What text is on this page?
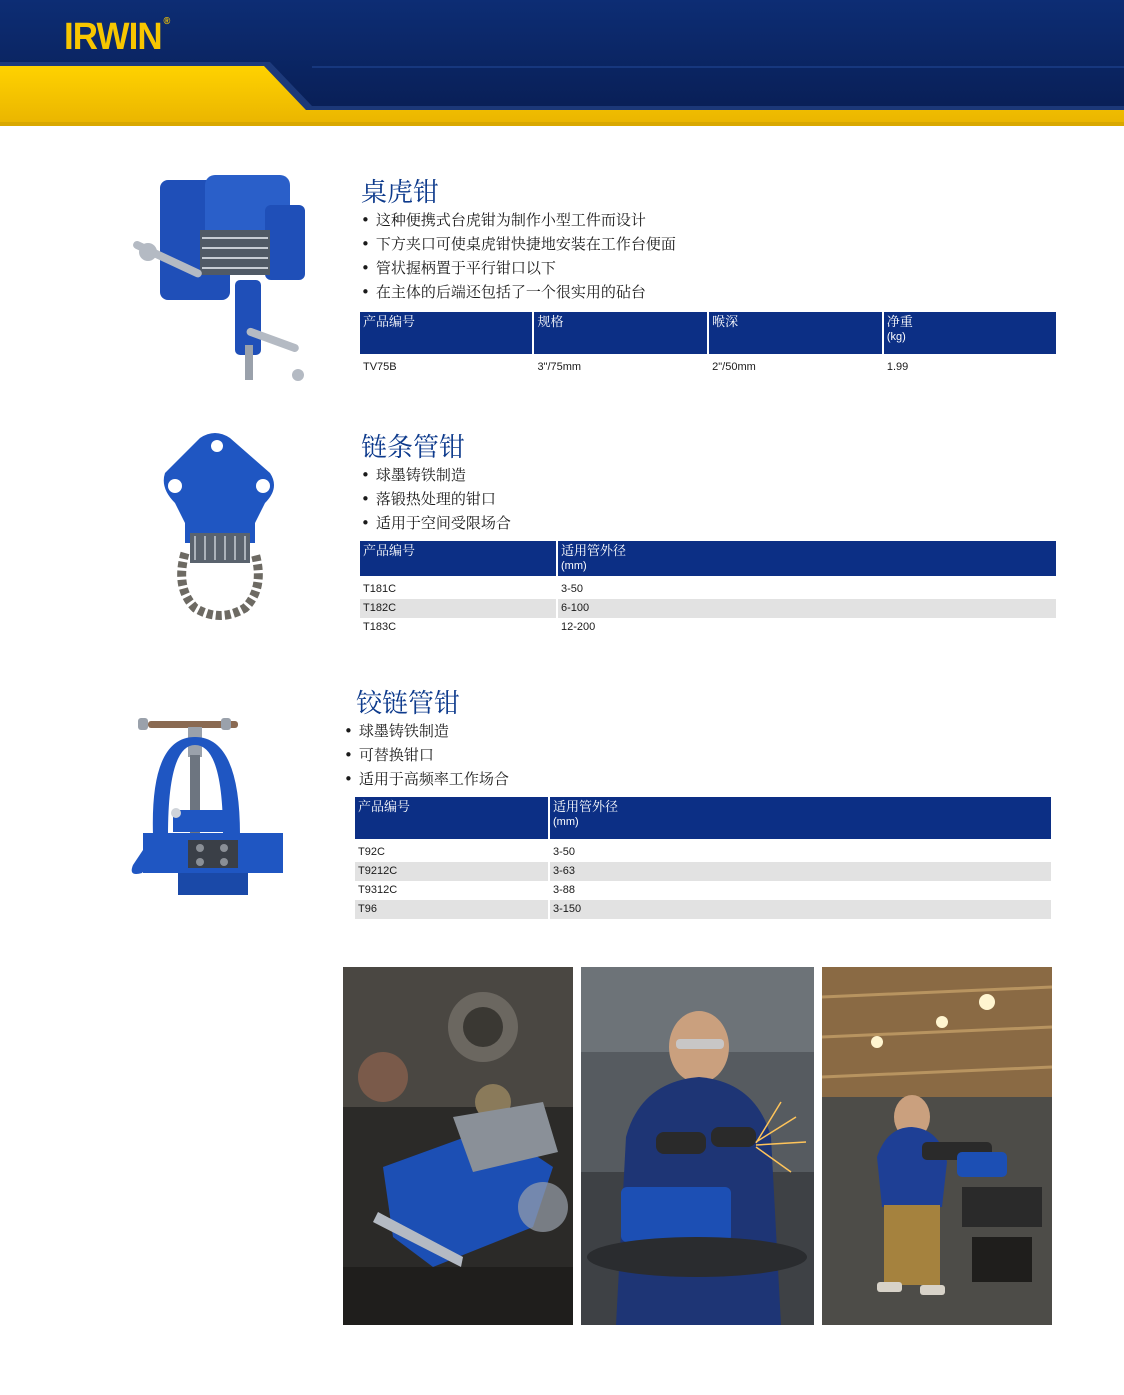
IRWIN ®
桌虎钳
• 这种便携式台虎钳为制作小型工件而设计
• 下方夹口可使桌虎钳快捷地安装在工作台便面
• 管状握柄置于平行钳口以下
• 在主体的后端还包括了一个很实用的砧台
产品编号	规格	喉深	净重
(kg)

TV75B	3"/75mm	2"/50mm	1.99
链条管钳
• 球墨铸铁制造
• 落锻热处理的钳口
• 适用于空间受限场合
产品编号	适用管外径
(mm)

T181C	3-50
T182C	6-100
T183C	12-200
铰链管钳
• 球墨铸铁制造
• 可替换钳口
• 适用于高频率工作场合
产品编号	适用管外径
(mm)

T92C	3-50
T9212C	3-63
T9312C	3-88
T96	3-150
